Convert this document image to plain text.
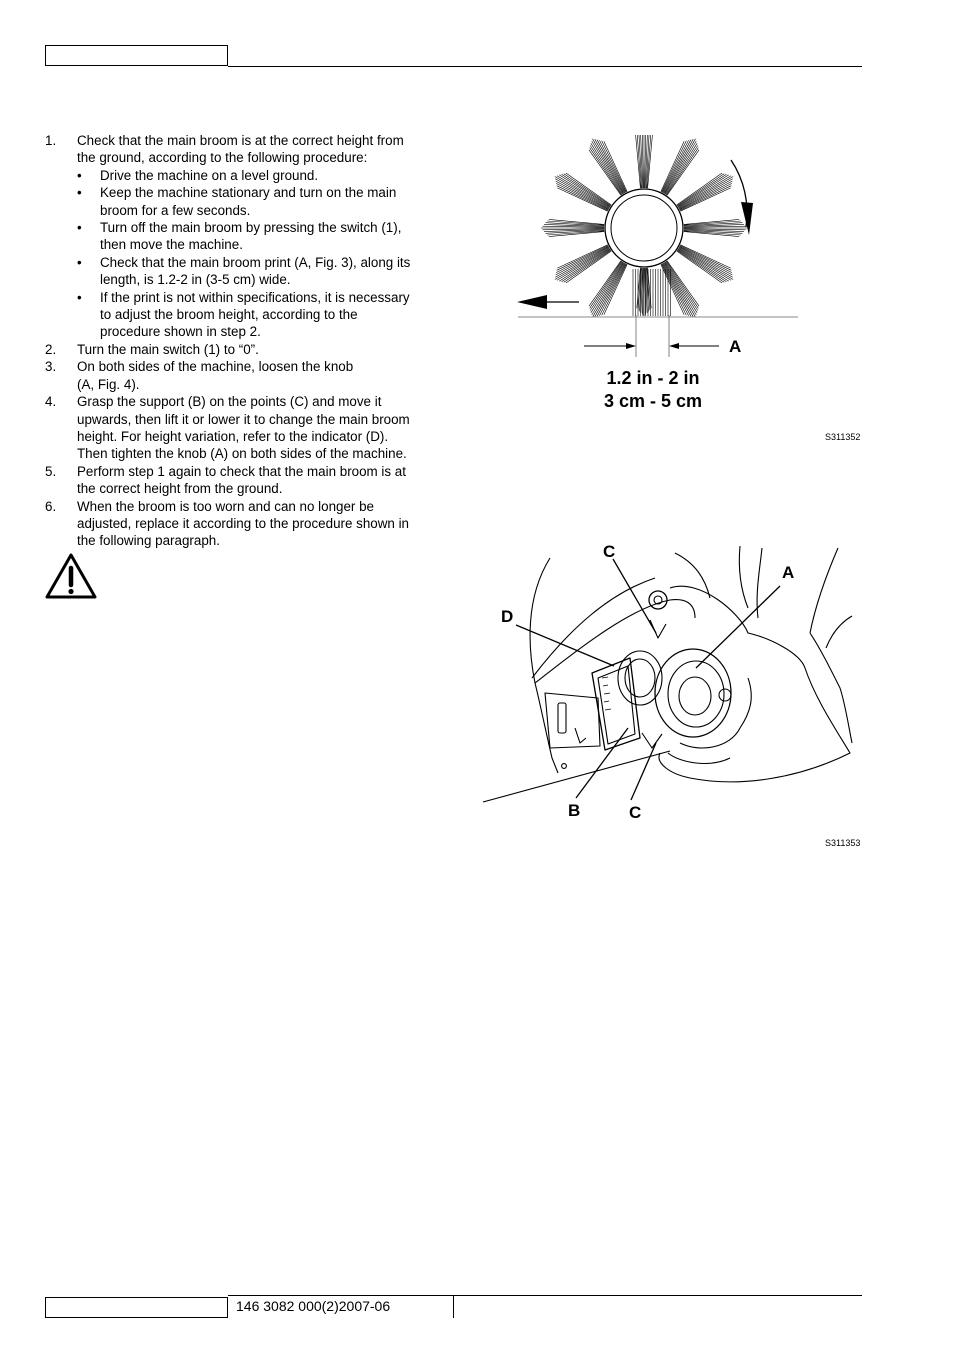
1. Check that the main broom is at the correct height from
the ground, according to the following procedure:
• Drive the machine on a level ground.
• Keep the machine stationary and turn on the main
broom for a few seconds.
• Turn off the main broom by pressing the switch (1),
then move the machine.
• Check that the main broom print (A, Fig. 3), along its
length, is 1.2-2 in (3-5 cm) wide.
• If the print is not within specifications, it is necessary
to adjust the broom height, according to the
procedure shown in step 2.
2. Turn the main switch (1) to “0”.
3. On both sides of the machine, loosen the knob
(A, Fig. 4).
4. Grasp the support (B) on the points (C) and move it
upwards, then lift it or lower it to change the main broom
height. For height variation, refer to the indicator (D).
Then tighten the knob (A) on both sides of the machine.
5. Perform step 1 again to check that the main broom is at
the correct height from the ground.
6. When the broom is too worn and can no longer be
adjusted, replace it according to the procedure shown in
the following paragraph.
A
1.2 in - 2 in
3 cm - 5 cm
S311352
C
A
D
B	C
S311353
146 3082 000(2)2007-06
